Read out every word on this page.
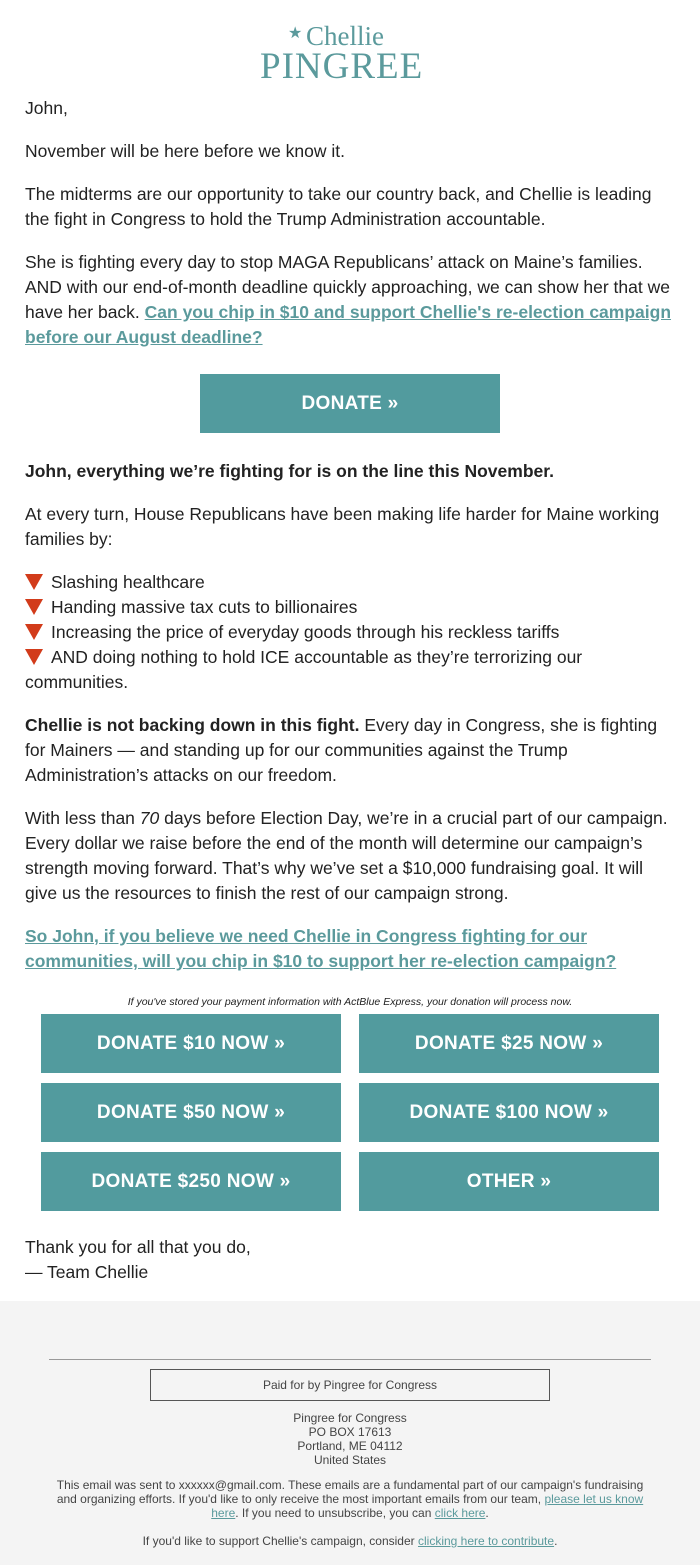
★ Chellie
PINGREE

John,

November will be here before we know it.

The midterms are our opportunity to take our country back, and Chellie is leading the fight in Congress to hold the Trump Administration accountable.

She is fighting every day to stop MAGA Republicans’ attack on Maine’s families. AND with our end-of-month deadline quickly approaching, we can show her that we have her back. Can you chip in $10 and support Chellie's re-election campaign before our August deadline?

DONATE »

John, everything we’re fighting for is on the line this November.

At every turn, House Republicans have been making life harder for Maine working families by:

Slashing healthcare
Handing massive tax cuts to billionaires
Increasing the price of everyday goods through his reckless tariffs
AND doing nothing to hold ICE accountable as they’re terrorizing our communities.

Chellie is not backing down in this fight. Every day in Congress, she is fighting for Mainers — and standing up for our communities against the Trump Administration’s attacks on our freedom.

With less than 70 days before Election Day, we’re in a crucial part of our campaign. Every dollar we raise before the end of the month will determine our campaign’s strength moving forward. That’s why we’ve set a $10,000 fundraising goal. It will give us the resources to finish the rest of our campaign strong.

So John, if you believe we need Chellie in Congress fighting for our communities, will you chip in $10 to support her re-election campaign?
If you've stored your payment information with ActBlue Express, your donation will process now.
DONATE $10 NOW »	DONATE $25 NOW »
DONATE $50 NOW »	DONATE $100 NOW »
DONATE $250 NOW »	OTHER »
Thank you for all that you do,
— Team Chellie
Paid for by Pingree for Congress
Pingree for Congress
PO BOX 17613
Portland, ME 04112
United States
This email was sent to xxxxxx@gmail.com. These emails are a fundamental part of our campaign's fundraising and organizing efforts. If you'd like to only receive the most important emails from our team, please let us know here. If you need to unsubscribe, you can click here.
If you'd like to support Chellie's campaign, consider clicking here to contribute.
